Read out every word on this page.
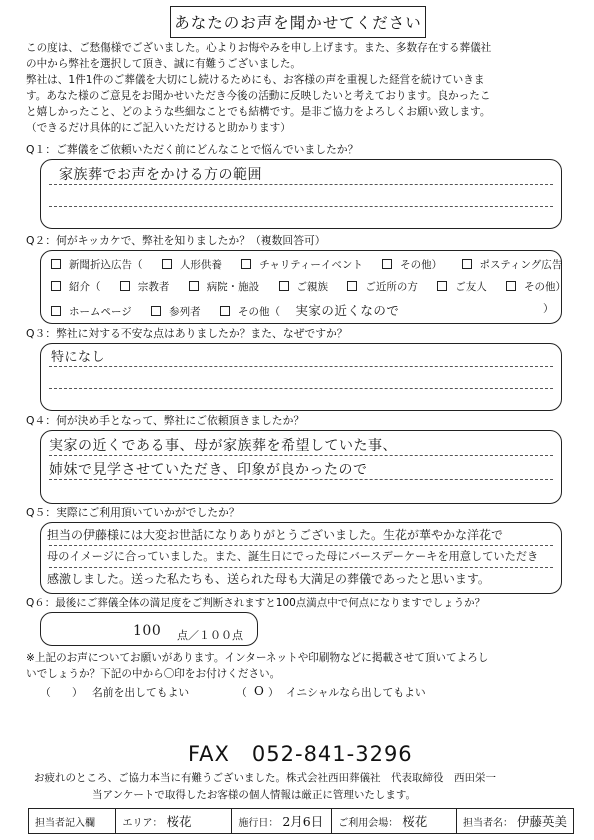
あなたのお声を聞かせてください
この度は、ご愁傷様でございました。心よりお悔やみを申し上げます。また、多数存在する葬儀社
の中から弊社を選択して頂き、誠に有難うございました。
弊社は、1件1件のご葬儀を大切にし続けるためにも、お客様の声を重視した経営を続けていきま
す。あなた様のご意見をお聞かせいただき今後の活動に反映したいと考えております。良かったこ
と嬉しかったこと、どのような些細なことでも結構です。是非ご協力をよろしくお願い致します。
（できるだけ具体的にご記入いただけると助かります）
Q１：ご葬儀をご依頼いただく前にどんなことで悩んでいましたか？
家族葬でお声をかける方の範囲
Q２：何がキッカケで、弊社を知りましたか？（複数回答可）
新聞折込広告（	人形供養	チャリティーイベント	その他）	ポスティング広告
紹介（	宗教者	病院・施設	ご親族	ご近所の方	ご友人	その他）
ホームページ	参列者	その他（ 実家の近くなので	）
Q３：弊社に対する不安な点はありましたか？また、なぜですか？
特になし
Q４：何が決め手となって、弊社にご依頼頂きましたか？
実家の近くである事、母が家族葬を希望していた事、
姉妹で見学させていただき、印象が良かったので
Q５：実際にご利用頂いていかがでしたか？
担当の伊藤様には大変お世話になりありがとうございました。生花が華やかな洋花で
母のイメージに合っていました。また、誕生日にでった母にバースデーケーキを用意していただき
感激しました。送った私たちも、送られた母も大満足の葬儀であったと思います。
Q６：最後にご葬儀全体の満足度をご判断されますと100点満点中で何点になりますでしょうか？
100 点／１００点
※上記のお声についてお願いがあります。インターネットや印刷物などに掲載させて頂いてよろし
いでしょうか？下記の中から〇印をお付けください。
（ ） 名前を出してもよい	（ O ） イニシャルなら出してもよい
FAX　052-841-3296
お疲れのところ、ご協力本当に有難うございました。株式会社西田葬儀社　代表取締役　西田栄一
当アンケートで取得したお客様の個人情報は厳正に管理いたします。
担当者記入欄	エリア： 桜花	施行日： 2月6日 ご利用会場： 桜花	担当者名： 伊藤英美
